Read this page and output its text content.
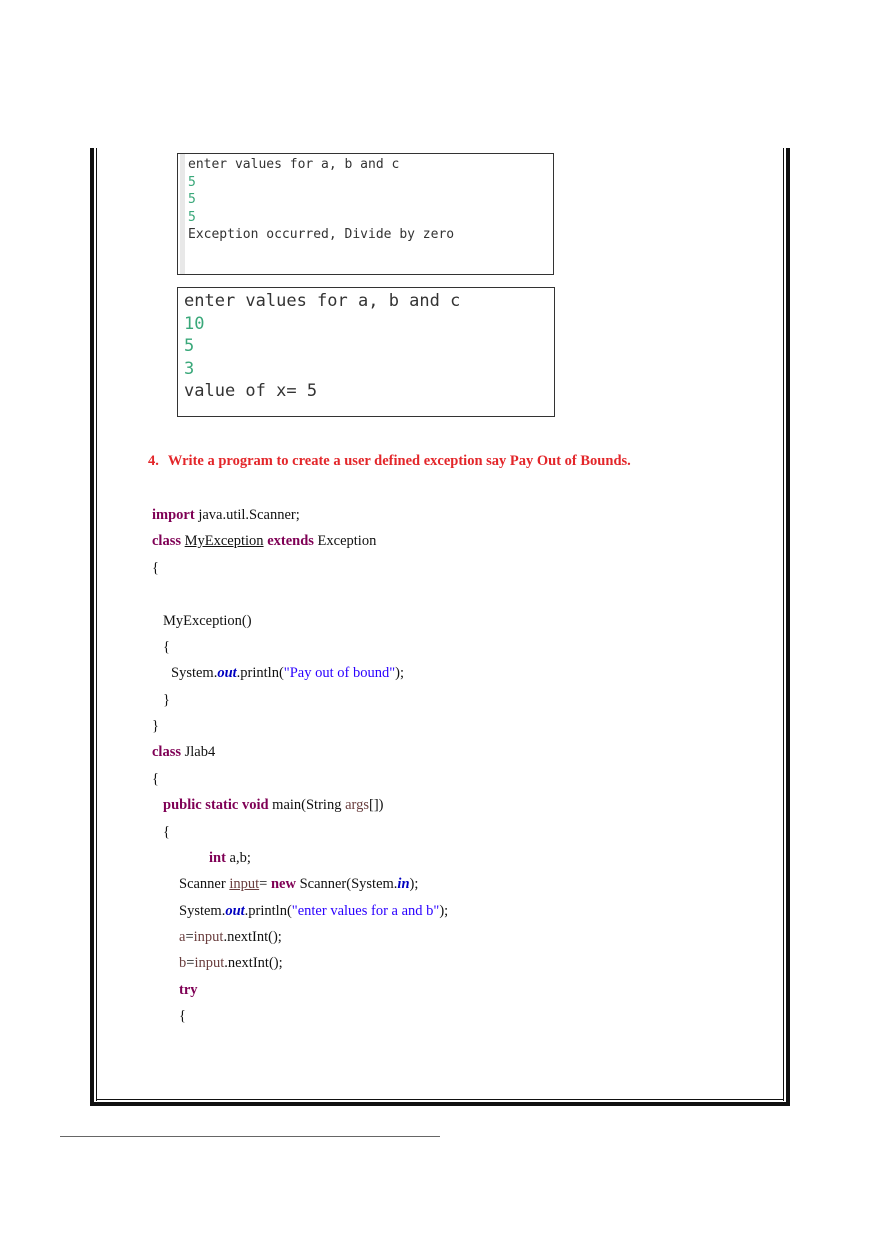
enter values for a, b and c
5
5
5
Exception occurred, Divide by zero
enter values for a, b and c
10
5
3
value of x= 5
4. Write a program to create a user defined exception say Pay Out of Bounds.
import java.util.Scanner;
class MyException extends Exception
{
MyException()
{
System.out.println("Pay out of bound");
}
}
class Jlab4
{
public static void main(String args[])
{
int a,b;
Scanner input= new Scanner(System.in);
System.out.println("enter values for a and b");
a=input.nextInt();
b=input.nextInt();
try
{
